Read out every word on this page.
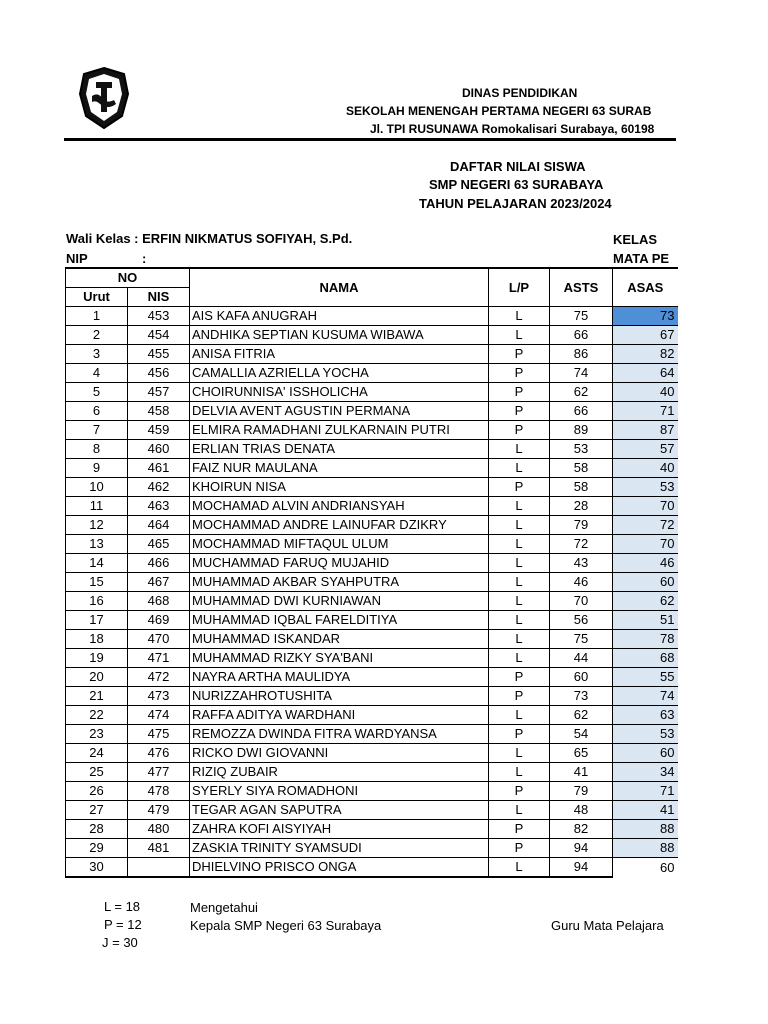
DINAS PENDIDIKAN
SEKOLAH MENENGAH PERTAMA NEGERI 63 SURAB
Jl. TPI RUSUNAWA Romokalisari Surabaya, 60198
DAFTAR NILAI SISWA
SMP NEGERI 63 SURABAYA
TAHUN PELAJARAN 2023/2024
Wali Kelas : ERFIN NIKMATUS SOFIYAH, S.Pd.
NIP	:
KELAS
MATA PE
NO		NAMA	L/P	ASTS	ASAS
Urut	NIS				
1	453	AIS KAFA ANUGRAH	L	75	73
2	454	ANDHIKA SEPTIAN KUSUMA WIBAWA	L	66	67
3	455	ANISA FITRIA	P	86	82
4	456	CAMALLIA AZRIELLA YOCHA	P	74	64
5	457	CHOIRUNNISA' ISSHOLICHA	P	62	40
6	458	DELVIA AVENT AGUSTIN PERMANA	P	66	71
7	459	ELMIRA RAMADHANI ZULKARNAIN PUTRI	P	89	87
8	460	ERLIAN TRIAS DENATA	L	53	57
9	461	FAIZ NUR MAULANA	L	58	40
10	462	KHOIRUN NISA	P	58	53
11	463	MOCHAMAD ALVIN ANDRIANSYAH	L	28	70
12	464	MOCHAMMAD ANDRE LAINUFAR DZIKRY	L	79	72
13	465	MOCHAMMAD MIFTAQUL ULUM	L	72	70
14	466	MUCHAMMAD FARUQ MUJAHID	L	43	46
15	467	MUHAMMAD AKBAR SYAHPUTRA	L	46	60
16	468	MUHAMMAD DWI KURNIAWAN	L	70	62
17	469	MUHAMMAD IQBAL FARELDITIYA	L	56	51
18	470	MUHAMMAD ISKANDAR	L	75	78
19	471	MUHAMMAD RIZKY SYA'BANI	L	44	68
20	472	NAYRA ARTHA MAULIDYA	P	60	55
21	473	NURIZZAHROTUSHITA	P	73	74
22	474	RAFFA ADITYA WARDHANI	L	62	63
23	475	REMOZZA DWINDA FITRA WARDYANSA	P	54	53
24	476	RICKO DWI GIOVANNI	L	65	60
25	477	RIZIQ ZUBAIR	L	41	34
26	478	SYERLY SIYA ROMADHONI	P	79	71
27	479	TEGAR AGAN SAPUTRA	L	48	41
28	480	ZAHRA KOFI AISYIYAH	P	82	88
29	481	ZASKIA TRINITY SYAMSUDI	P	94	88
30		DHIELVINO PRISCO ONGA	L	94	60
L = 18
P = 12
J = 30
Mengetahui
Kepala SMP Negeri 63 Surabaya	Guru Mata Pelajara
